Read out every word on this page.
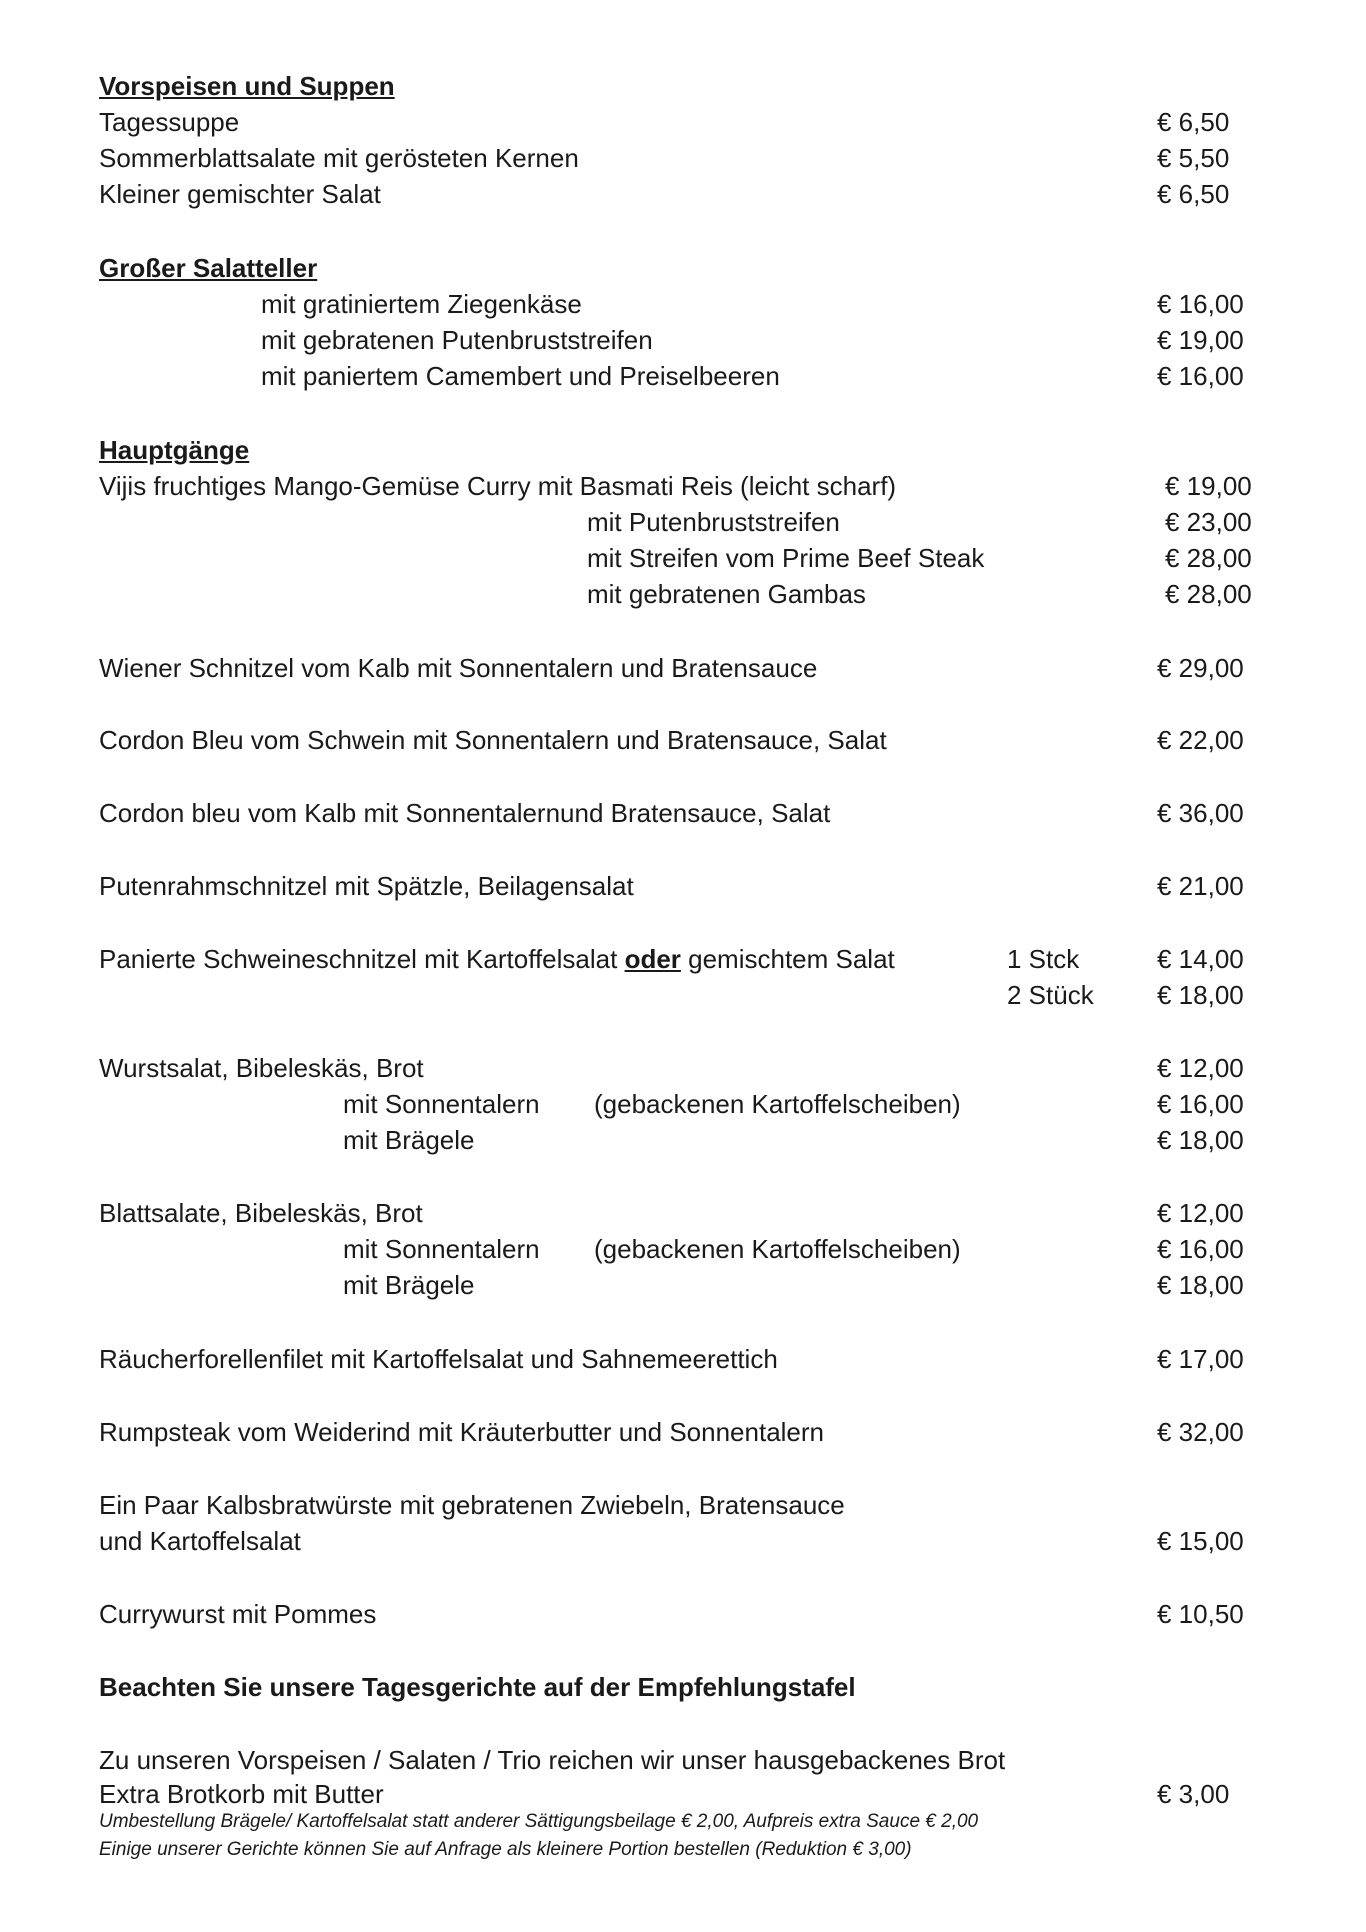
Vorspeisen und Suppen
Tagessuppe	€ 6,50
Sommerblattsalate mit gerösteten Kernen	€ 5,50
Kleiner gemischter Salat	€ 6,50
Großer Salatteller
mit gratiniertem Ziegenkäse	€ 16,00
mit gebratenen Putenbruststreifen	€ 19,00
mit paniertem Camembert und Preiselbeeren	€ 16,00
Hauptgänge
Vijis fruchtiges Mango-Gemüse Curry mit Basmati Reis (leicht scharf)	€ 19,00
mit Putenbruststreifen	€ 23,00
mit Streifen vom Prime Beef Steak	€ 28,00
mit gebratenen Gambas	€ 28,00
Wiener Schnitzel vom Kalb mit Sonnentalern und Bratensauce	€ 29,00
Cordon Bleu vom Schwein mit Sonnentalern und Bratensauce, Salat	€ 22,00
Cordon bleu vom Kalb mit Sonnentalernund Bratensauce, Salat	€ 36,00
Putenrahmschnitzel mit Spätzle, Beilagensalat	€ 21,00
Panierte Schweineschnitzel mit Kartoffelsalat oder gemischtem Salat	1 Stck	€ 14,00
2 Stück € 18,00
Wurstsalat, Bibeleskäs, Brot	€ 12,00
mit Sonnentalern (gebackenen Kartoffelscheiben)	€ 16,00
mit Brägele	€ 18,00
Blattsalate, Bibeleskäs, Brot	€ 12,00
mit Sonnentalern (gebackenen Kartoffelscheiben)	€ 16,00
mit Brägele	€ 18,00
Räucherforellenfilet mit Kartoffelsalat und Sahnemeerettich	€ 17,00
Rumpsteak vom Weiderind mit Kräuterbutter und Sonnentalern	€ 32,00
Ein Paar Kalbsbratwürste mit gebratenen Zwiebeln, Bratensauce
und Kartoffelsalat	€ 15,00
Currywurst mit Pommes	€ 10,50
Beachten Sie unsere Tagesgerichte auf der Empfehlungstafel
Zu unseren Vorspeisen / Salaten / Trio reichen wir unser hausgebackenes Brot
Extra Brotkorb mit Butter	€ 3,00
Umbestellung Brägele/ Kartoffelsalat statt anderer Sättigungsbeilage € 2,00, Aufpreis extra Sauce € 2,00
Einige unserer Gerichte können Sie auf Anfrage als kleinere Portion bestellen (Reduktion € 3,00)
